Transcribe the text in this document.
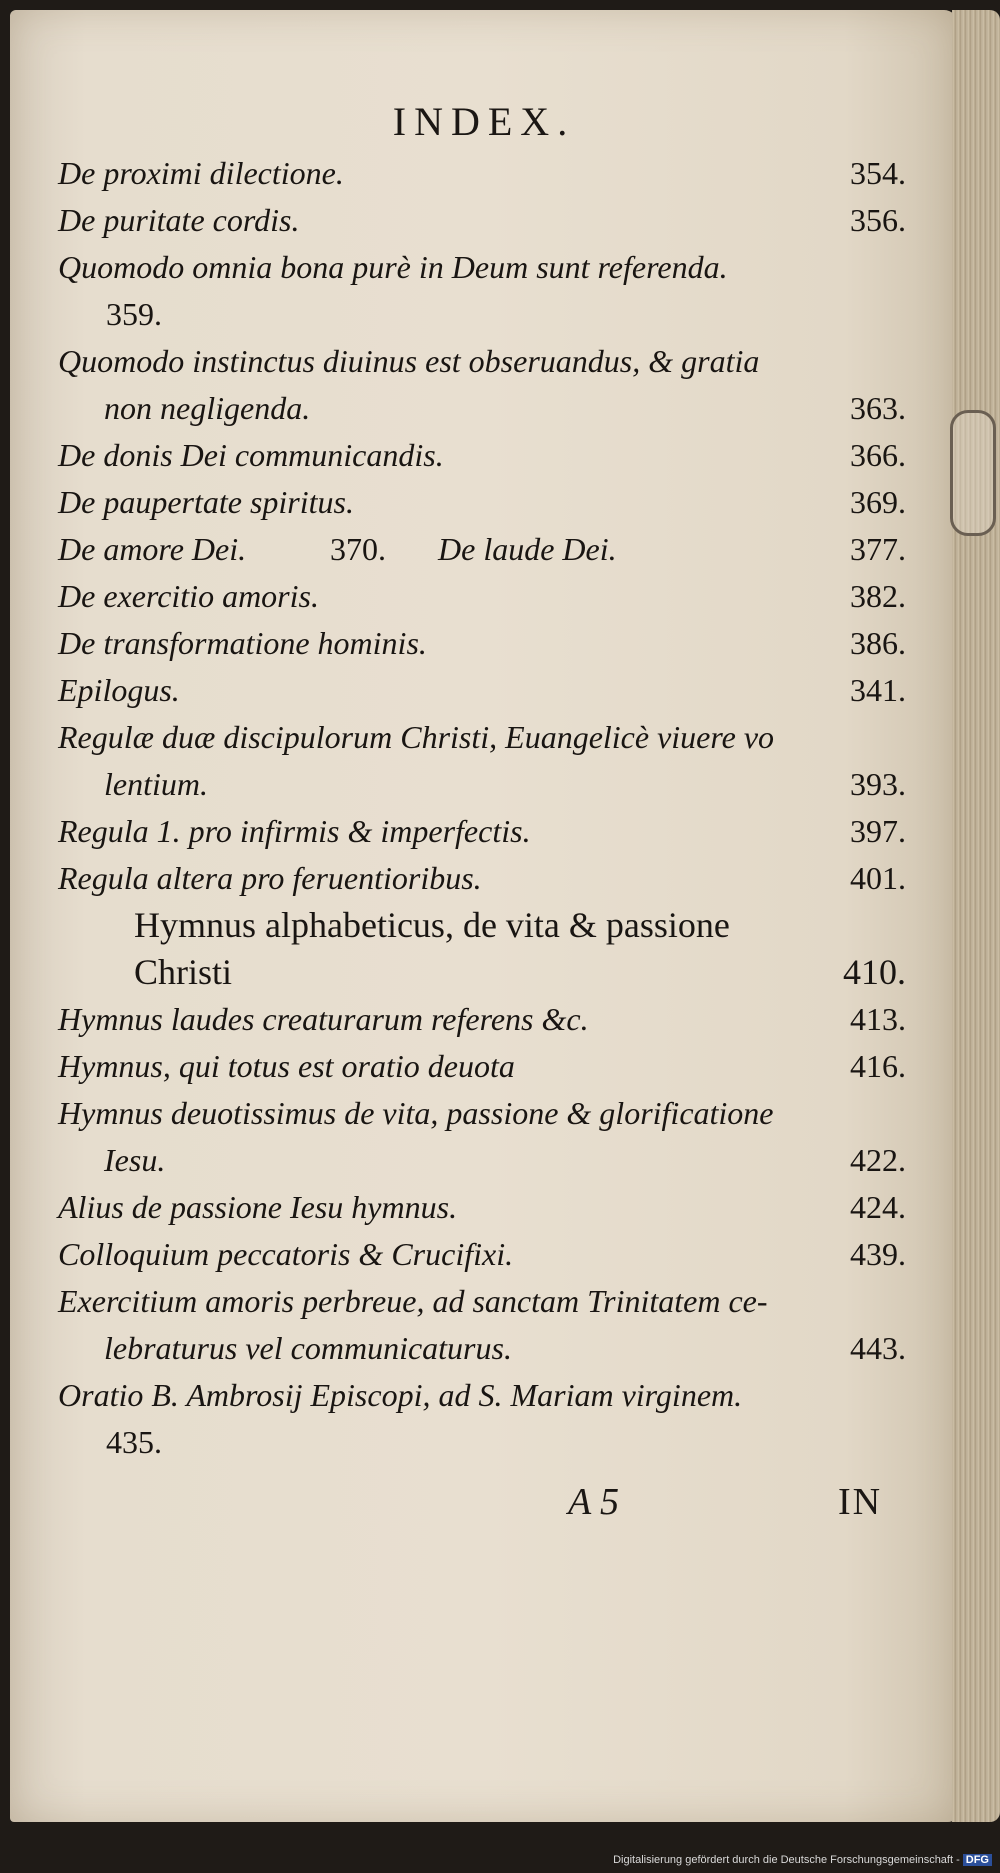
INDEX.
De proximi dilectione.	354.
De puritate cordis.	356.
Quomodo omnia bona purè in Deum sunt referenda.
359.
Quomodo instinctus diuinus est obseruandus, & gratia
non negligenda.	363.
De donis Dei communicandis.	366.
De paupertate spiritus.	369.
De amore Dei.	370. De laude Dei.	377.
De exercitio amoris.	382.
De transformatione hominis.	386.
Epilogus.	341.
Regulæ duæ discipulorum Christi, Euangelicè viuere vo
lentium.	393.
Regula 1. pro infirmis & imperfectis.	397.
Regula altera pro feruentioribus.	401.
Hymnus alphabeticus, de vita & passione
Christi	410.
Hymnus laudes creaturarum referens &c.	413.
Hymnus, qui totus est oratio deuota	416.
Hymnus deuotissimus de vita, passione & glorificatione
Iesu.	422.
Alius de passione Iesu hymnus.	424.
Colloquium peccatoris & Crucifixi.	439.
Exercitium amoris perbreue, ad sanctam Trinitatem ce-
lebraturus vel communicaturus.	443.
Oratio B. Ambrosij Episcopi, ad S. Mariam virginem.
435.
A 5	IN
Digitalisierung gefördert durch die Deutsche Forschungsgemeinschaft - DFG
